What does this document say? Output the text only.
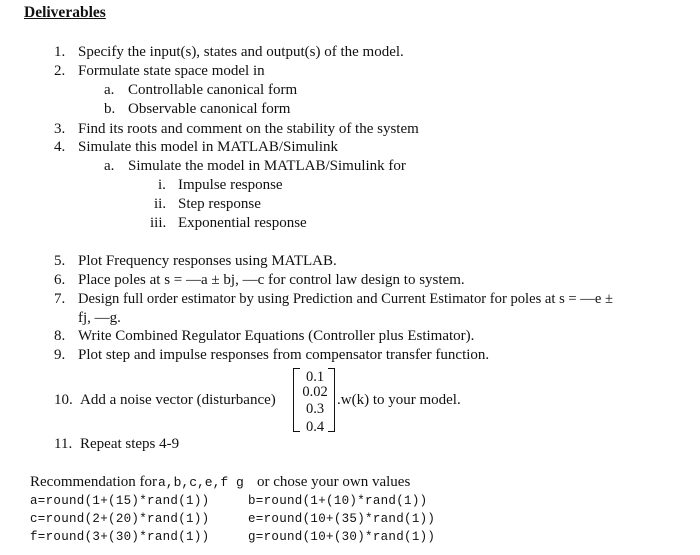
Deliverables
1. Specify the input(s), states and output(s) of the model.
2. Formulate state space model in
a. Controllable canonical form
b. Observable canonical form
3. Find its roots and comment on the stability of the system
4. Simulate this model in MATLAB/Simulink
a. Simulate the model in MATLAB/Simulink for
i. Impulse response
ii. Step response
iii. Exponential response
5. Plot Frequency responses using MATLAB.
6. Place poles at s = —a ± bj, —c for control law design to system.
7. Design full order estimator by using Prediction and Current Estimator for poles at s = —e ±
fj, —g.
8. Write Combined Regulator Equations (Controller plus Estimator).
9. Plot step and impulse responses from compensator transfer function.
10. Add a noise vector (disturbance)
0.1
0.02
0.3
0.4
.w(k) to your model.
11. Repeat steps 4-9
Recommendation for a,b,c,e,f g or chose your own values
a=round(1+(15)*rand(1))	b=round(1+(10)*rand(1))
c=round(2+(20)*rand(1))	e=round(10+(35)*rand(1))
f=round(3+(30)*rand(1))	g=round(10+(30)*rand(1))
